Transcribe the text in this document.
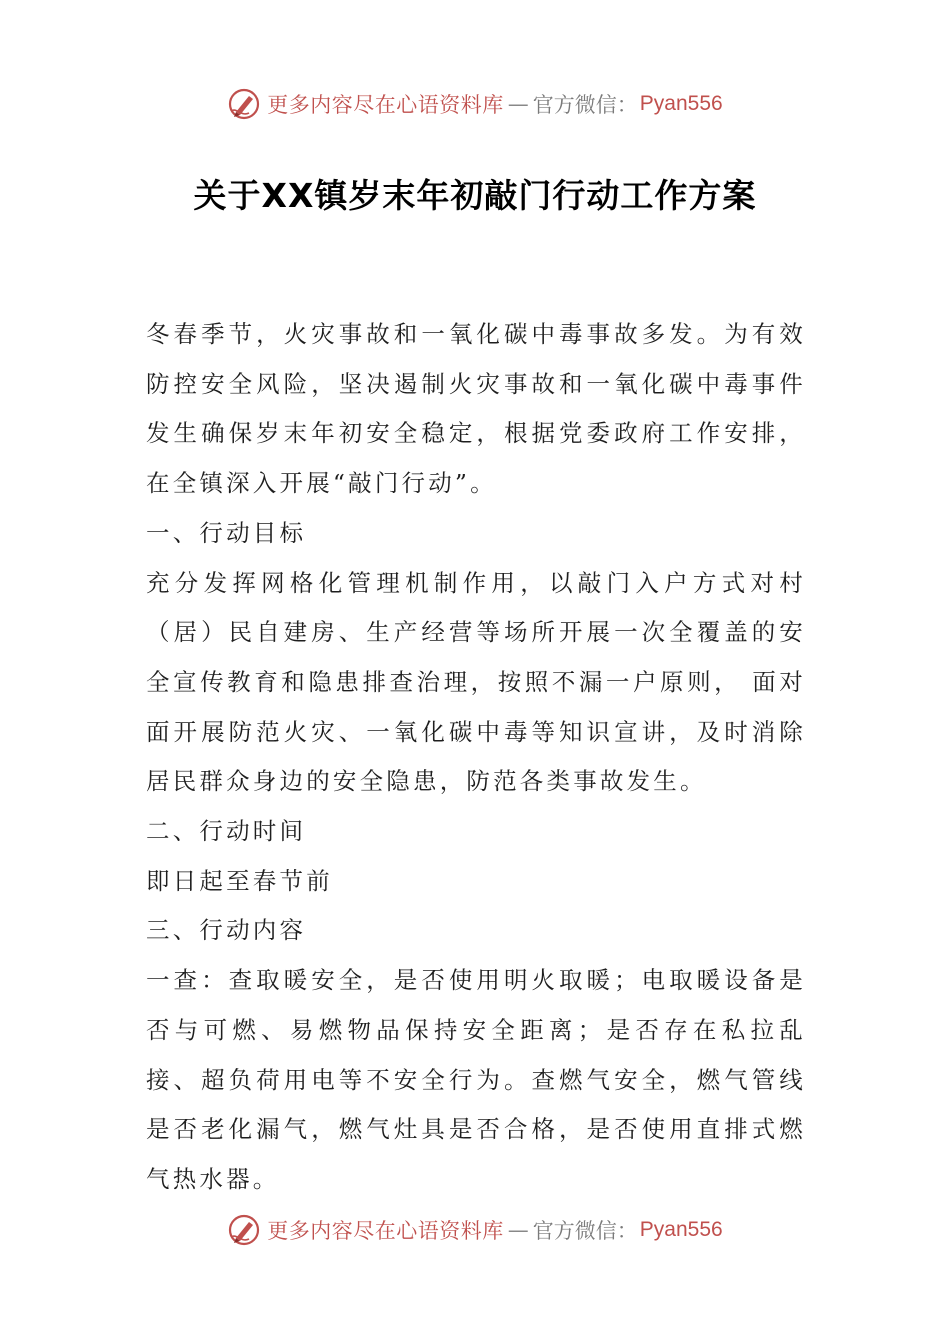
更多内容尽在心语资料库 — 官方微信： Pyan556
关于XX镇岁末年初敲门行动工作方案

冬春季节，火灾事故和一氧化碳中毒事故多发。为有效防控安全风险，坚决遏制火灾事故和一氧化碳中毒事件发生确保岁末年初安全稳定，根据党委政府工作安排，在全镇深入开展“敲门行动”。

一、行动目标

充分发挥网格化管理机制作用，以敲门入户方式对村（居）民自建房、生产经营等场所开展一次全覆盖的安全宣传教育和隐患排查治理，按照不漏一户原则， 面对面开展防范火灾、一氧化碳中毒等知识宣讲，及时消除居民群众身边的安全隐患，防范各类事故发生。

二、行动时间

即日起至春节前

三、行动内容

一查：查取暖安全，是否使用明火取暖；电取暖设备是否与可燃、易燃物品保持安全距离；是否存在私拉乱接、超负荷用电等不安全行为。查燃气安全，燃气管线是否老化漏气，燃气灶具是否合格，是否使用直排式燃气热水器。

更多内容尽在心语资料库 — 官方微信： Pyan556
